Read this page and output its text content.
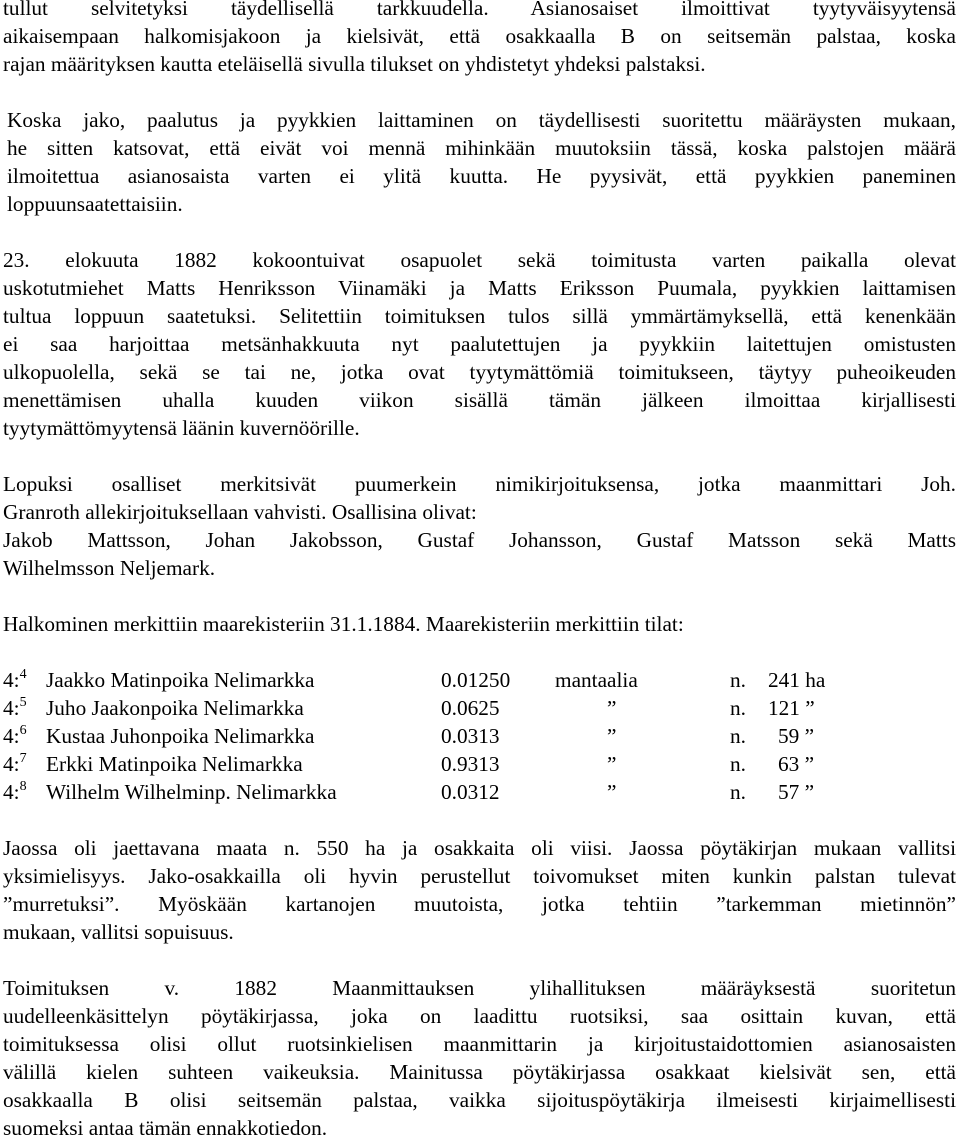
tullut selvitetyksi täydellisellä tarkkuudella. Asianosaiset ilmoittivat tyytyväisyytensä
aikaisempaan halkomisjakoon ja kielsivät, että osakkaalla B on seitsemän palstaa, koska
rajan määrityksen kautta eteläisellä sivulla tilukset on yhdistetyt yhdeksi palstaksi.

Koska jako, paalutus ja pyykkien laittaminen on täydellisesti suoritettu määräysten mukaan,
he sitten katsovat, että eivät voi mennä mihinkään muutoksiin tässä, koska palstojen määrä
ilmoitettua asianosaista varten ei ylitä kuutta. He pyysivät, että pyykkien paneminen
loppuunsaatettaisiin.

23. elokuuta 1882 kokoontuivat osapuolet sekä toimitusta varten paikalla olevat
uskotutmiehet Matts Henriksson Viinamäki ja Matts Eriksson Puumala, pyykkien laittamisen
tultua loppuun saatetuksi. Selitettiin toimituksen tulos sillä ymmärtämyksellä, että kenenkään
ei saa harjoittaa metsänhakkuuta nyt paalutettujen ja pyykkiin laitettujen omistusten
ulkopuolella, sekä se tai ne, jotka ovat tyytymättömiä toimitukseen, täytyy puheoikeuden
menettämisen uhalla kuuden viikon sisällä tämän jälkeen ilmoittaa kirjallisesti
tyytymättömyytensä läänin kuvernöörille.

Lopuksi osalliset merkitsivät puumerkein nimikirjoituksensa, jotka maanmittari Joh.
Granroth allekirjoituksellaan vahvisti. Osallisina olivat:
Jakob Mattsson, Johan Jakobsson, Gustaf Johansson, Gustaf Matsson sekä Matts
Wilhelmsson Neljemark.

Halkominen merkittiin maarekisteriin 31.1.1884. Maarekisteriin merkittiin tilat:

4:$^4$ Jaakko Matinpoika Nelimarkka	0.01250	mantaalia	n.	241 ha
4:$^5$ Juho Jaakonpoika Nelimarkka	0.0625	”	n.	121 ”
4:$^6$ Kustaa Juhonpoika Nelimarkka	0.0313	”	n.	59 ”
4:$^7$ Erkki Matinpoika Nelimarkka	0.9313	”	n.	63 ”
4:$^8$ Wilhelm Wilhelminp. Nelimarkka	0.0312	”	n.	57 ”

Jaossa oli jaettavana maata n. 550 ha ja osakkaita oli viisi. Jaossa pöytäkirjan mukaan vallitsi
yksimielisyys. Jako-osakkailla oli hyvin perustellut toivomukset miten kunkin palstan tulevat
”murretuksi”. Myöskään kartanojen muutoista, jotka tehtiin ”tarkemman mietinnön”
mukaan, vallitsi sopuisuus.

Toimituksen v. 1882 Maanmittauksen ylihallituksen määräyksestä suoritetun
uudelleenkäsittelyn pöytäkirjassa, joka on laadittu ruotsiksi, saa osittain kuvan, että
toimituksessa olisi ollut ruotsinkielisen maanmittarin ja kirjoitustaidottomien asianosaisten
välillä kielen suhteen vaikeuksia. Mainitussa pöytäkirjassa osakkaat kielsivät sen, että
osakkaalla B olisi seitsemän palstaa, vaikka sijoituspöytäkirja ilmeisesti kirjaimellisesti
suomeksi antaa tämän ennakkotiedon.
